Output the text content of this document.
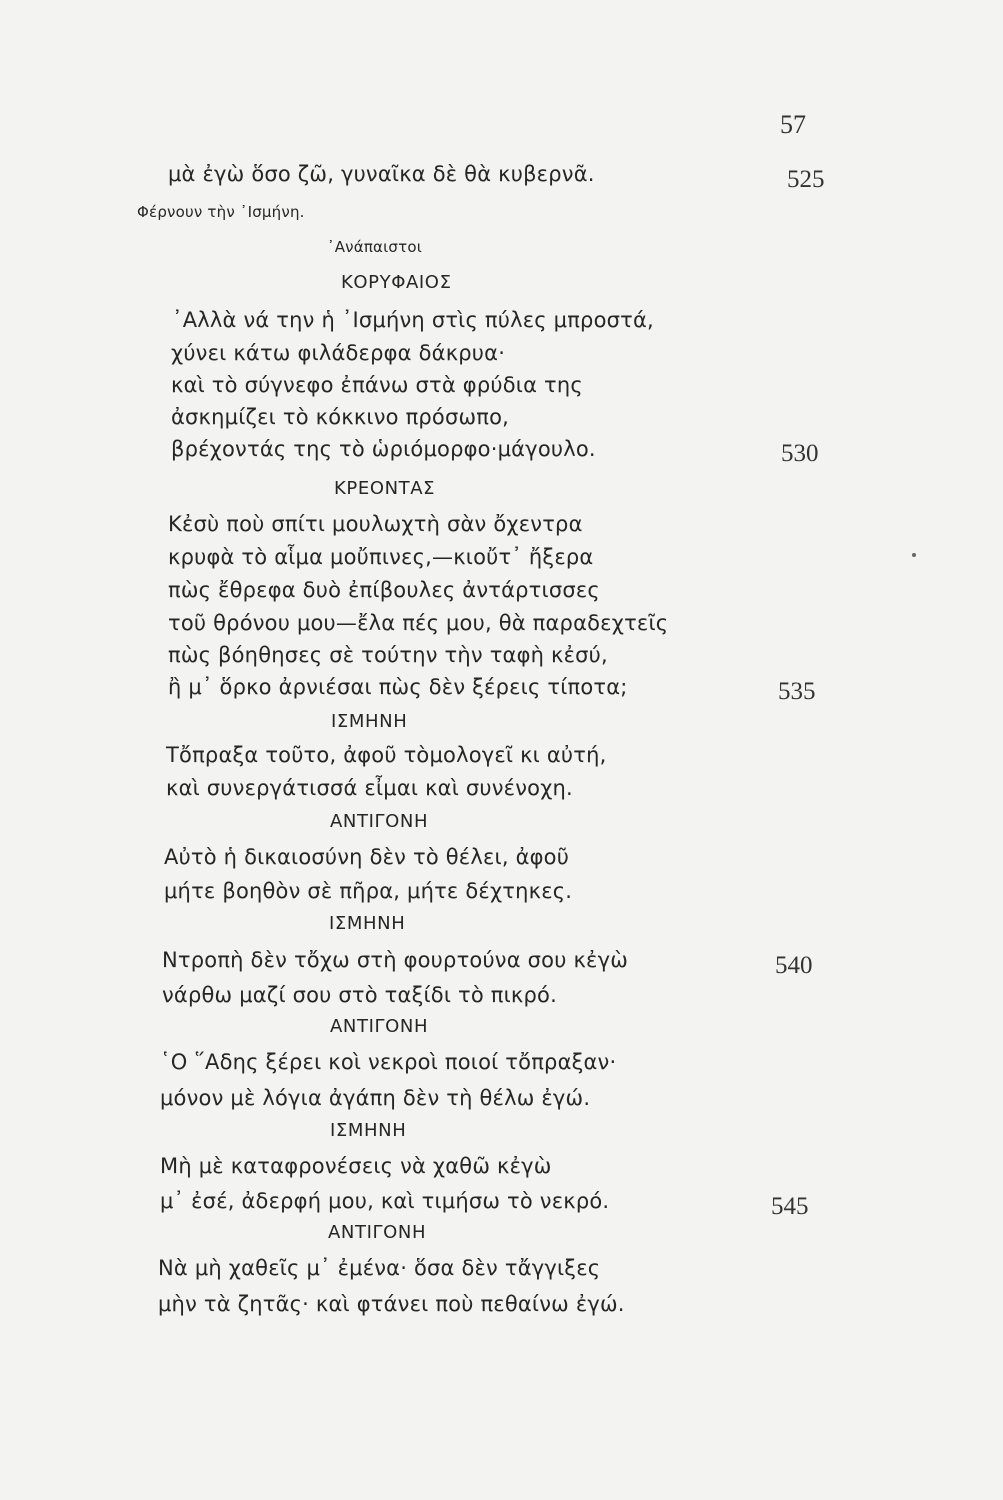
57
μὰ ἐγὼ ὅσο ζῶ, γυναῖκα δὲ θὰ κυβερνᾶ.
Φέρνουν τὴν ᾿Ισμήνη.
᾿Ανάπαιστοι
ΚΟΡΥΦΑΙΟΣ
᾿Αλλὰ νά την ἡ ᾿Ισμήνη στὶς πύλες μπροστά,
χύνει κάτω φιλάδερφα δάκρυα·
καὶ τὸ σύγνεφο ἐπάνω στὰ φρύδια της
ἀσκημίζει τὸ κόκκινο πρόσωπο,
βρέχοντάς της τὸ ὡριόμορφο·μάγουλο.
ΚΡΕΟΝΤΑΣ
Κἐσὺ ποὺ σπίτι μουλωχτὴ σὰν ὄχεντρα
κρυφὰ τὸ αἷμα μοὔπινες,—κιοὔτ᾿ ἤξερα
πὼς ἔθρεφα δυὸ ἐπίβουλες ἀντάρτισσες
τοῦ θρόνου μου—ἔλα πές μου, θὰ παραδεχτεῖς
πὼς βόηθησες σὲ τούτην τὴν ταφὴ κἐσύ,
ἢ μ᾿ ὅρκο ἀρνιέσαι πὼς δὲν ξέρεις τίποτα;
ΙΣΜΗΝΗ
Τὄπραξα τοῦτο, ἀφοῦ τὸμολογεῖ κι αὐτή,
καὶ συνεργάτισσά εἶμαι καὶ συνένοχη.
ΑΝΤΙΓΟΝΗ
Αὐτὸ ἡ δικαιοσύνη δὲν τὸ θέλει, ἀφοῦ
μήτε βοηθὸν σὲ πῆρα, μήτε δέχτηκες.
ΙΣΜΗΝΗ
Ντροπὴ δὲν τὄχω στὴ φουρτούνα σου κἐγὼ
νάρθω μαζί σου στὸ ταξίδι τὸ πικρό.
ΑΝΤΙΓΟΝΗ
῾Ο ῞Αδης ξέρει κοὶ νεκροὶ ποιοί τὄπραξαν·
μόνον μὲ λόγια ἀγάπη δὲν τὴ θέλω ἐγώ.
ΙΣΜΗΝΗ
Μὴ μὲ καταφρονέσεις νὰ χαθῶ κἐγὼ
μ᾿ ἐσέ, ἀδερφή μου, καὶ τιμήσω τὸ νεκρό.
ΑΝΤΙΓΟΝΗ
Νὰ μὴ χαθεῖς μ᾿ ἐμένα· ὅσα δὲν τἄγγιξες
μὴν τὰ ζητᾶς· καὶ φτάνει ποὺ πεθαίνω ἐγώ.
525
530
535
540
545
